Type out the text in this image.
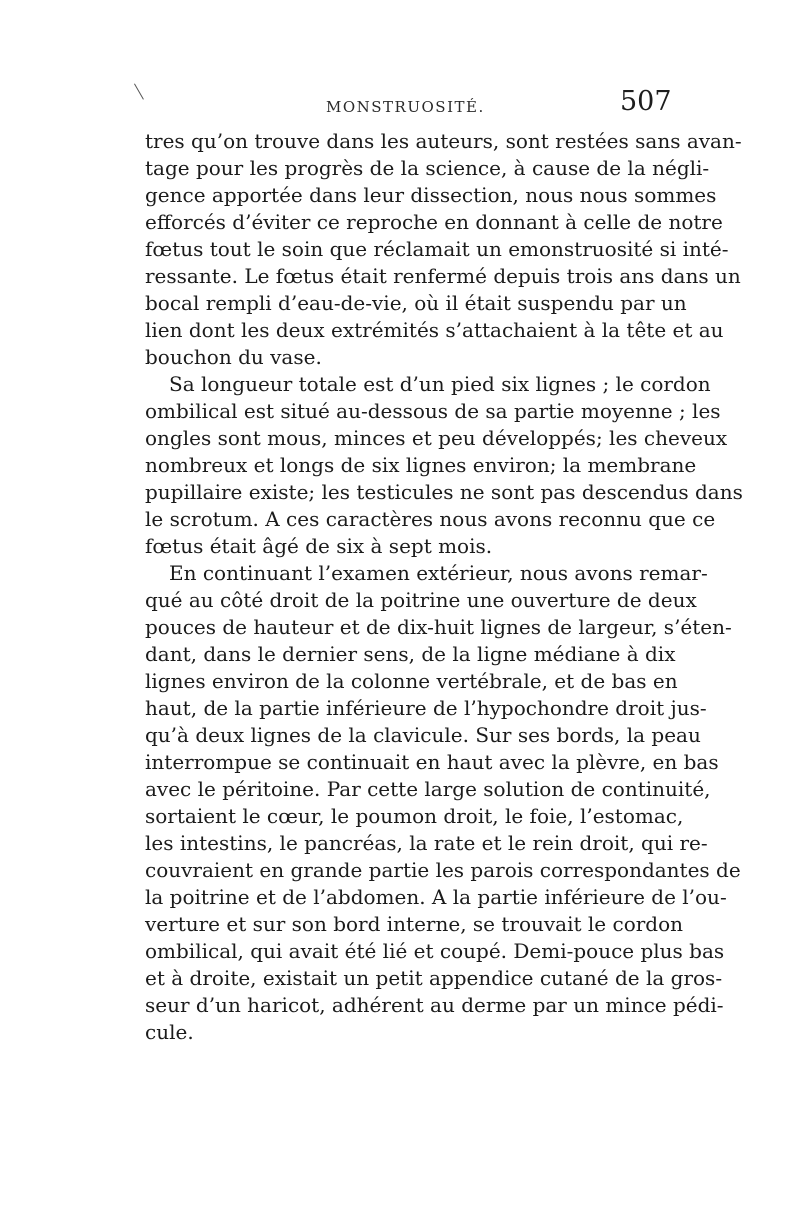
MONSTRUOSITÉ.	507
tres qu’on trouve dans les auteurs, sont restées sans avan-
tage pour les progrès de la science, à cause de la négli-
gence apportée dans leur dissection, nous nous sommes
efforcés d’éviter ce reproche en donnant à celle de notre
fœtus tout le soin que réclamait un emonstruosité si inté-
ressante. Le fœtus était renfermé depuis trois ans dans un
bocal rempli d’eau-de-vie, où il était suspendu par un
lien dont les deux extrémités s’attachaient à la tête et au
bouchon du vase.
Sa longueur totale est d’un pied six lignes ; le cordon
ombilical est situé au-dessous de sa partie moyenne ; les
ongles sont mous, minces et peu développés; les cheveux
nombreux et longs de six lignes environ; la membrane
pupillaire existe; les testicules ne sont pas descendus dans
le scrotum. A ces caractères nous avons reconnu que ce
fœtus était âgé de six à sept mois.
En continuant l’examen extérieur, nous avons remar-
qué au côté droit de la poitrine une ouverture de deux
pouces de hauteur et de dix-huit lignes de largeur, s’éten-
dant, dans le dernier sens, de la ligne médiane à dix
lignes environ de la colonne vertébrale, et de bas en
haut, de la partie inférieure de l’hypochondre droit jus-
qu’à deux lignes de la clavicule. Sur ses bords, la peau
interrompue se continuait en haut avec la plèvre, en bas
avec le péritoine. Par cette large solution de continuité,
sortaient le cœur, le poumon droit, le foie, l’estomac,
les intestins, le pancréas, la rate et le rein droit, qui re-
couvraient en grande partie les parois correspondantes de
la poitrine et de l’abdomen. A la partie inférieure de l’ou-
verture et sur son bord interne, se trouvait le cordon
ombilical, qui avait été lié et coupé. Demi-pouce plus bas
et à droite, existait un petit appendice cutané de la gros-
seur d’un haricot, adhérent au derme par un mince pédi-
cule.
